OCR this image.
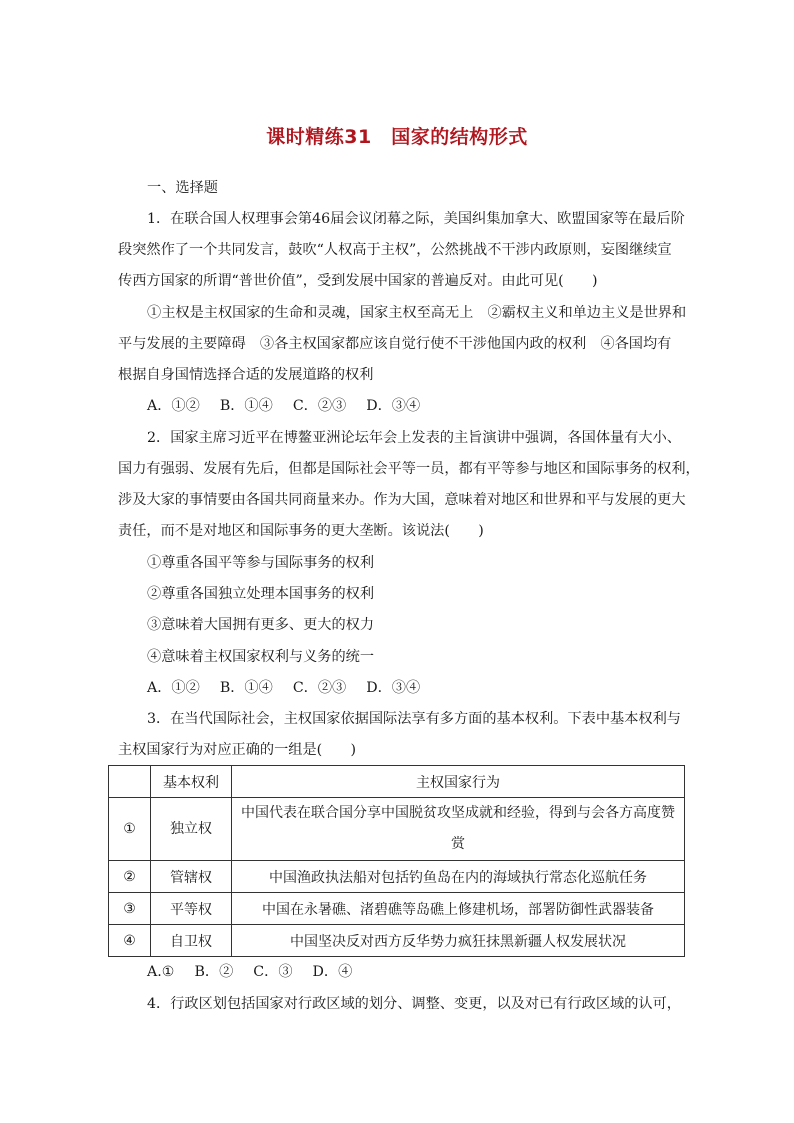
课时精练31　国家的结构形式
一、选择题
1．在联合国人权理事会第46届会议闭幕之际，美国纠集加拿大、欧盟国家等在最后阶
段突然作了一个共同发言，鼓吹“人权高于主权”，公然挑战不干涉内政原则，妄图继续宣
传西方国家的所谓“普世价值”，受到发展中国家的普遍反对。由此可见(　　)
①主权是主权国家的生命和灵魂，国家主权至高无上　②霸权主义和单边主义是世界和
平与发展的主要障碍　③各主权国家都应该自觉行使不干涉他国内政的权利　④各国均有
根据自身国情选择合适的发展道路的权利
A．①② B．①④ C．②③ D．③④
2．国家主席习近平在博鳌亚洲论坛年会上发表的主旨演讲中强调，各国体量有大小、
国力有强弱、发展有先后，但都是国际社会平等一员，都有平等参与地区和国际事务的权利，
涉及大家的事情要由各国共同商量来办。作为大国，意味着对地区和世界和平与发展的更大
责任，而不是对地区和国际事务的更大垄断。该说法(　　)
①尊重各国平等参与国际事务的权利
②尊重各国独立处理本国事务的权利
③意味着大国拥有更多、更大的权力
④意味着主权国家权利与义务的统一
A．①② B．①④ C．②③ D．③④
3．在当代国际社会，主权国家依据国际法享有多方面的基本权利。下表中基本权利与
主权国家行为对应正确的一组是(　　)
	基本权利	主权国家行为
①	独立权	中国代表在联合国分享中国脱贫攻坚成就和经验，得到与会各方高度赞
赏

②	管辖权	中国渔政执法船对包括钓鱼岛在内的海域执行常态化巡航任务
③	平等权	中国在永暑礁、渚碧礁等岛礁上修建机场，部署防御性武器装备
④	自卫权	中国坚决反对西方反华势力疯狂抹黑新疆人权发展状况
A.① B．② C．③ D．④
4．行政区划包括国家对行政区域的划分、调整、变更，以及对已有行政区域的认可，
